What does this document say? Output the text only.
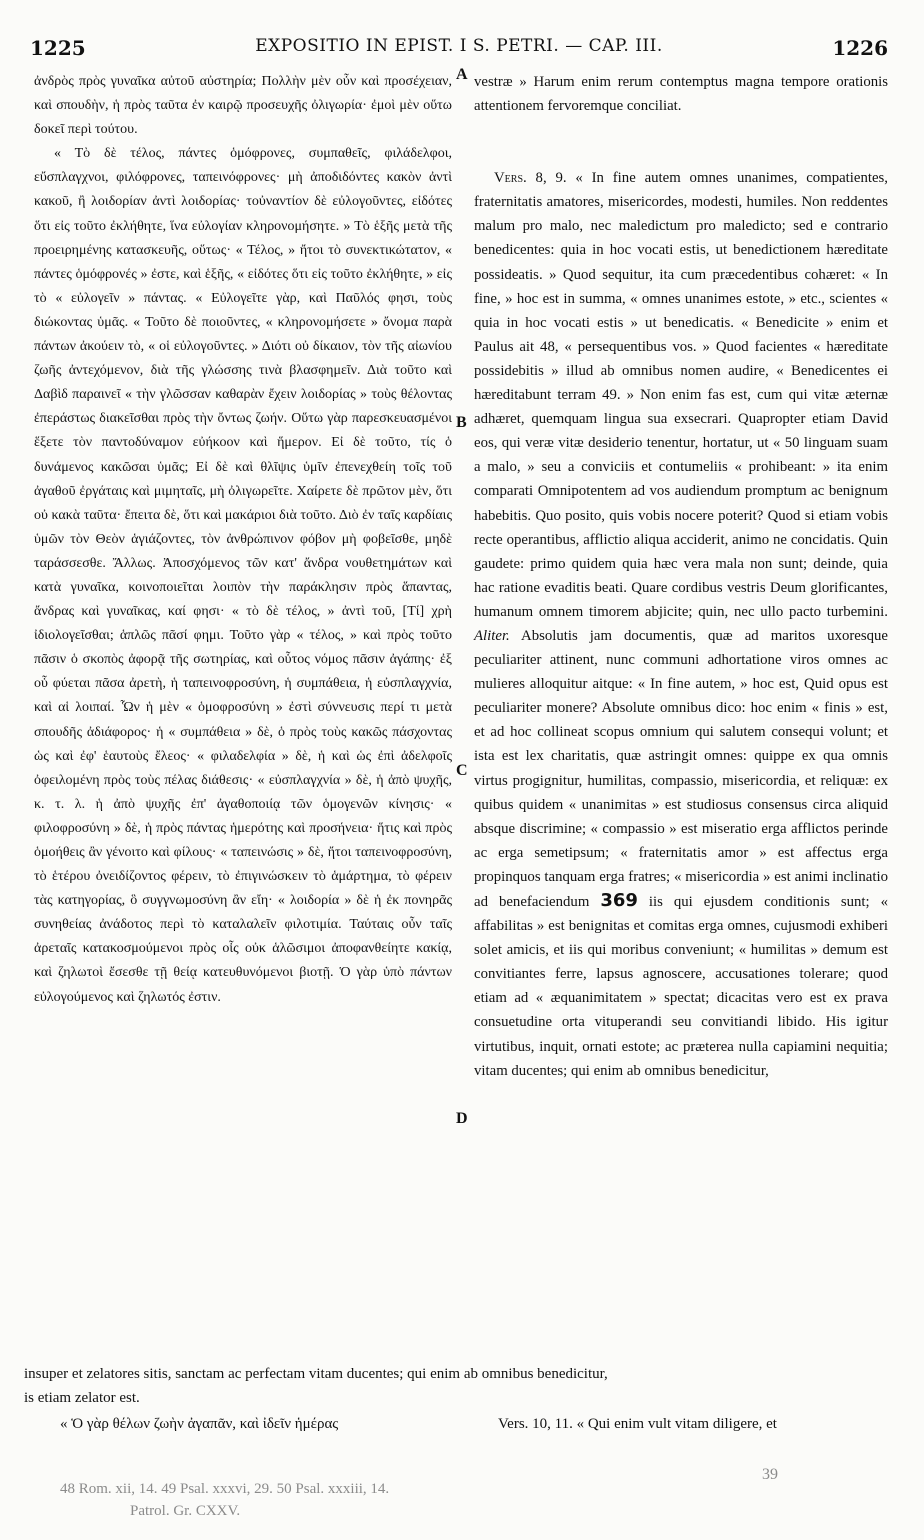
1225	EXPOSITIO IN EPIST. I S. PETRI. — CAP. III.	1226

ἀνδρὸς πρὸς γυναῖκα αὐτοῦ αὐστηρία; Πολλὴν μὲν οὖν καὶ προσέχειαν, καὶ σπουδὴν, ἡ πρὸς ταῦτα ἐν καιρῷ προσευχῆς ὀλιγωρία· ἐμοὶ μὲν οὕτω δοκεῖ περὶ τούτου.

« Τὸ δὲ τέλος, πάντες ὁμόφρονες, συμπαθεῖς, φιλάδελφοι, εὔσπλαγχνοι, φιλόφρονες, ταπεινόφρονες· μὴ ἀποδιδόντες κακὸν ἀντὶ κακοῦ, ἢ λοιδορίαν ἀντὶ λοιδορίας· τοὐναντίον δὲ εὐλογοῦντες, εἰδότες ὅτι εἰς τοῦτο ἐκλήθητε, ἵνα εὐλογίαν κληρονομήσητε. » Τὸ ἑξῆς μετὰ τῆς προειρημένης κατασκευῆς, οὕτως· « Τέλος, » ἤτοι τὸ συνεκτικώτατον, « πάντες ὁμόφρονές » ἐστε, καὶ ἑξῆς, « εἰδότες ὅτι εἰς τοῦτο ἐκλήθητε, » εἰς τὸ « εὐλογεῖν » πάντας. « Εὐλογεῖτε γὰρ, καὶ Παῦλός φησι, τοὺς διώκοντας ὑμᾶς. « Τοῦτο δὲ ποιοῦντες, « κληρονομήσετε » ὄνομα παρὰ πάντων ἀκούειν τὸ, « οἱ εὐλογοῦντες. » Διότι οὐ δίκαιον, τὸν τῆς αἰωνίου ζωῆς ἀντεχόμενον, διὰ τῆς γλώσσης τινὰ βλασφημεῖν. Διὰ τοῦτο καὶ Δαβὶδ παραινεῖ « τὴν γλῶσσαν καθαρὰν ἔχειν λοιδορίας » τοὺς θέλοντας ἐπεράστως διακεῖσθαι πρὸς τὴν ὄντως ζωήν. Οὕτω γὰρ παρεσκευασμένοι ἕξετε τὸν παντοδύναμον εὐήκοον καὶ ἥμερον. Εἰ δὲ τοῦτο, τίς ὁ δυνάμενος κακῶσαι ὑμᾶς; Εἰ δὲ καὶ θλῖψις ὑμῖν ἐπενεχθείη τοῖς τοῦ ἀγαθοῦ ἐργάταις καὶ μιμηταῖς, μὴ ὀλιγωρεῖτε. Χαίρετε δὲ πρῶτον μὲν, ὅτι οὐ κακὰ ταῦτα· ἔπειτα δὲ, ὅτι καὶ μακάριοι διὰ τοῦτο. Διὸ ἐν ταῖς καρδίαις ὑμῶν τὸν Θεὸν ἁγιάζοντες, τὸν ἀνθρώπινον φόβον μὴ φοβεῖσθε, μηδὲ ταράσσεσθε. Ἄλλως. Ἀποσχόμενος τῶν κατ' ἄνδρα νουθετημάτων καὶ κατὰ γυναῖκα, κοινοποιεῖται λοιπὸν τὴν παράκλησιν πρὸς ἅπαντας, ἄνδρας καὶ γυναῖκας, καί φησι· « τὸ δὲ τέλος, » ἀντὶ τοῦ, [Τί] χρὴ ἰδιολογεῖσθαι; ἁπλῶς πᾶσί φημι. Τοῦτο γὰρ « τέλος, » καὶ πρὸς τοῦτο πᾶσιν ὁ σκοπὸς ἀφορᾷ τῆς σωτηρίας, καὶ οὗτος νόμος πᾶσιν ἀγάπης· ἐξ οὗ φύεται πᾶσα ἀρετὴ, ἡ ταπεινοφροσύνη, ἡ συμπάθεια, ἡ εὐσπλαγχνία, καὶ αἱ λοιπαί. Ὧν ἡ μὲν « ὁμοφροσύνη » ἐστὶ σύννευσις περί τι μετὰ σπουδῆς ἀδιάφορος· ἡ « συμπάθεια » δὲ, ὁ πρὸς τοὺς κακῶς πάσχοντας ὡς καὶ ἐφ' ἑαυτοὺς ἔλεος· « φιλαδελφία » δὲ, ἡ καὶ ὡς ἐπὶ ἀδελφοῖς ὀφειλομένη πρὸς τοὺς πέλας διάθεσις· « εὐσπλαγχνία » δὲ, ἡ ἀπὸ ψυχῆς, κ. τ. λ. ἡ ἀπὸ ψυχῆς ἐπ' ἀγαθοποιίᾳ τῶν ὁμογενῶν κίνησις· « φιλοφροσύνη » δὲ, ἡ πρὸς πάντας ἡμερότης καὶ προσήνεια· ἥτις καὶ πρὸς ὁμοήθεις ἂν γένοιτο καὶ φίλους· « ταπεινώσις » δὲ, ἤτοι ταπεινοφροσύνη, τὸ ἑτέρου ὀνειδίζοντος φέρειν, τὸ ἐπιγινώσκειν τὸ ἁμάρτημα, τὸ φέρειν τὰς κατηγορίας, ὃ συγγνωμοσύνη ἂν εἴη· « λοιδορία » δὲ ἡ ἐκ πονηρᾶς συνηθείας ἀνάδοτος περὶ τὸ καταλαλεῖν φιλοτιμία. Ταύταις οὖν ταῖς ἀρεταῖς κατακοσμούμενοι πρὸς οἷς οὐκ ἁλῶσιμοι ἀποφανθείητε κακίᾳ, καὶ ζηλωτοὶ ἔσεσθε τῇ θείᾳ κατευθυνόμενοι βιοτῇ. Ὁ γὰρ ὑπὸ πάντων εὐλογούμενος καὶ ζηλωτός ἐστιν.

vestræ » Harum enim rerum contemptus magna tempore orationis attentionem fervoremque conciliat.

Vers. 8, 9. « In fine autem omnes unanimes, compatientes, fraternitatis amatores, misericordes, modesti, humiles. Non reddentes malum pro malo, nec maledictum pro maledicto; sed e contrario benedicentes: quia in hoc vocati estis, ut benedictionem hæreditate possideatis. » Quod sequitur, ita cum præcedentibus cohæret: « In fine, » hoc est in summa, « omnes unanimes estote, » etc., scientes « quia in hoc vocati estis » ut benedicatis. « Benedicite » enim et Paulus ait 48, « persequentibus vos. » Quod facientes « hæreditate possidebitis » illud ab omnibus nomen audire, « Benedicentes ei hæreditabunt terram 49. » Non enim fas est, cum qui vitæ æternæ adhæret, quemquam lingua sua exsecrari. Quapropter etiam David eos, qui veræ vitæ desiderio tenentur, hortatur, ut « 50 linguam suam a malo, » seu a conviciis et contumeliis « prohibeant: » ita enim comparati Omnipotentem ad vos audiendum promptum ac benignum habebitis. Quo posito, quis vobis nocere poterit? Quod si etiam vobis recte operantibus, afflictio aliqua acciderit, animo ne concidatis. Quin gaudete: primo quidem quia hæc vera mala non sunt; deinde, quia hac ratione evaditis beati. Quare cordibus vestris Deum glorificantes, humanum omnem timorem abjicite; quin, nec ullo pacto turbemini. Aliter. Absolutis jam documentis, quæ ad maritos uxoresque peculiariter attinent, nunc communi adhortatione viros omnes ac mulieres alloquitur aitque: « In fine autem, » hoc est, Quid opus est peculiariter monere? Absolute omnibus dico: hoc enim « finis » est, et ad hoc collineat scopus omnium qui salutem consequi volunt; et ista est lex charitatis, quæ astringit omnes: quippe ex qua omnis virtus progignitur, humilitas, compassio, misericordia, et reliquæ: ex quibus quidem « unanimitas » est studiosus consensus circa aliquid absque discrimine; « compassio » est miseratio erga afflictos perinde ac erga semetipsum; « fraternitatis amor » est affectus erga propinquos tanquam erga fratres; « misericordia » est animi inclinatio ad benefaciendum 369 iis qui ejusdem conditionis sunt; « affabilitas » est benignitas et comitas erga omnes, cujusmodi exhiberi solet amicis, et iis qui moribus conveniunt; « humilitas » demum est convitiantes ferre, lapsus agnoscere, accusationes tolerare; quod etiam ad « æquanimitatem » spectat; dicacitas vero est ex prava consuetudine orta vituperandi seu convitiandi libido. His igitur virtutibus, inquit, ornati estote; ac præterea nulla capiamini nequitia; vitam ducentes; qui enim ab omnibus benedicitur,

A
B
C
D
insuper et zelatores sitis, sanctam ac perfectam vitam ducentes; qui enim ab omnibus benedicitur,
is etiam zelator est.
« Ὁ γὰρ θέλων ζωὴν ἀγαπᾶν, καὶ ἰδεῖν ἡμέρας	Vers. 10, 11. « Qui enim vult vitam diligere, et
48 Rom. xii, 14. 49 Psal. xxxvi, 29. 50 Psal. xxxiii, 14.
Patrol. Gr. CXXV.
39
